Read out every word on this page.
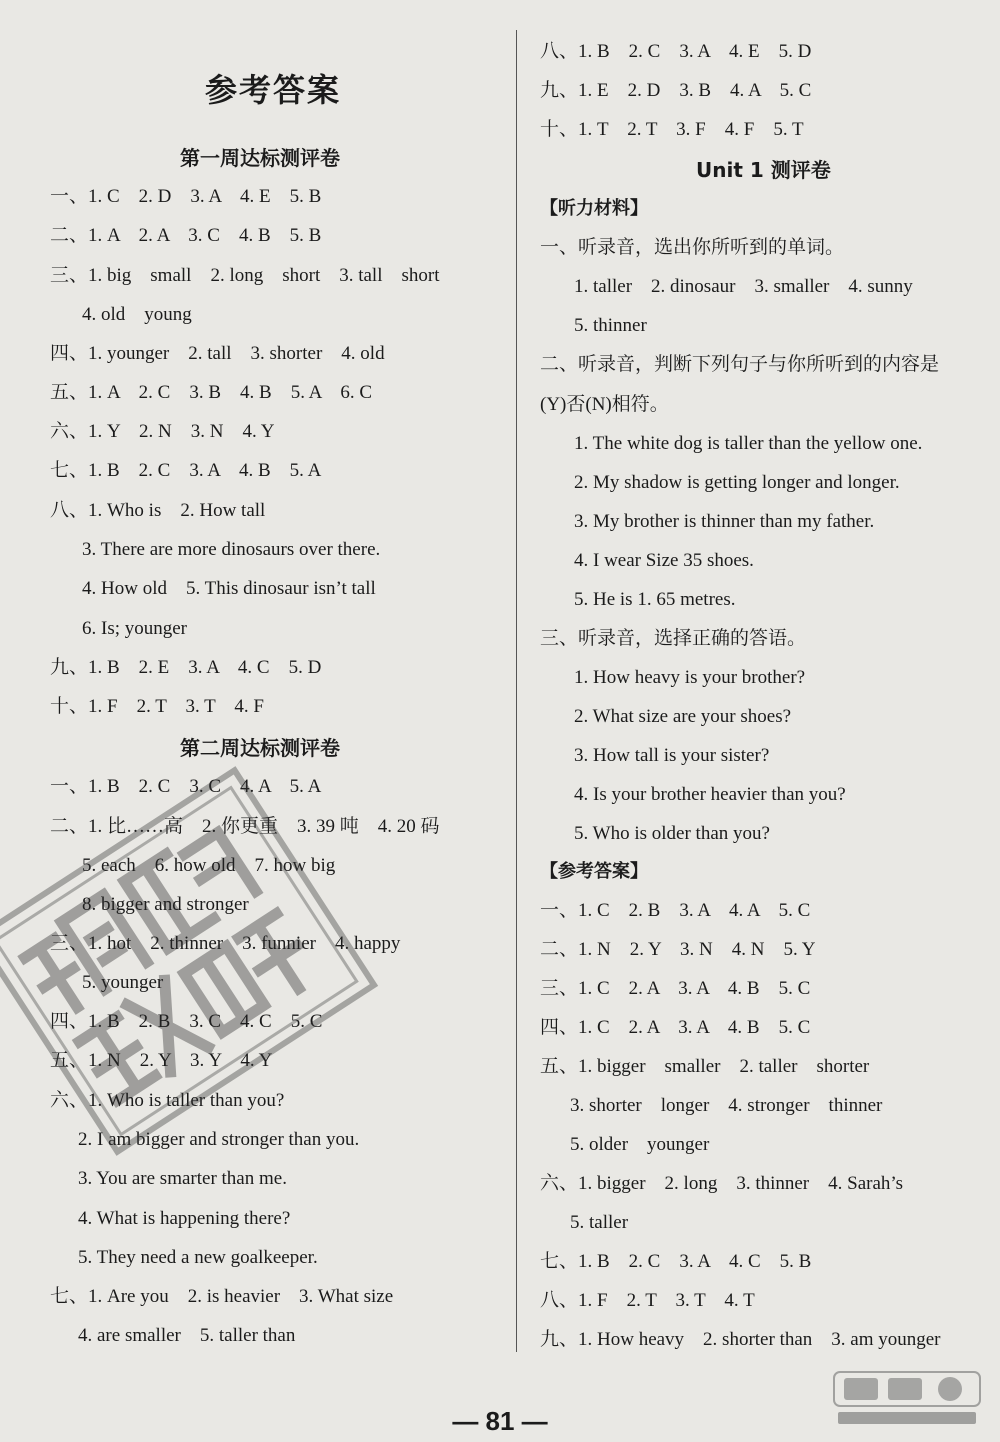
参考答案
第一周达标测评卷
一、1. C　2. D　3. A　4. E　5. B
二、1. A　2. A　3. C　4. B　5. B
三、1. big　small　2. long　short　3. tall　short
4. old　young
四、1. younger　2. tall　3. shorter　4. old
五、1. A　2. C　3. B　4. B　5. A　6. C
六、1. Y　2. N　3. N　4. Y
七、1. B　2. C　3. A　4. B　5. A
八、1. Who is　2. How tall
3. There are more dinosaurs over there.
4. How old　5. This dinosaur isn’t tall
6. Is; younger
九、1. B　2. E　3. A　4. C　5. D
十、1. F　2. T　3. T　4. F
第二周达标测评卷
一、1. B　2. C　3. C　4. A　5. A
二、1. 比……高　2. 你更重　3. 39 吨　4. 20 码
5. each　6. how old　7. how big
8. bigger and stronger
三、1. hot　2. thinner　3. funnier　4. happy
5. younger
四、1. B　2. B　3. C　4. C　5. C
五、1. N　2. Y　3. Y　4. Y
六、1. Who is taller than you?
2. I am bigger and stronger than you.
3. You are smarter than me.
4. What is happening there?
5. They need a new goalkeeper.
七、1. Are you　2. is heavier　3. What size
4. are smaller　5. taller than
八、1. B　2. C　3. A　4. E　5. D
九、1. E　2. D　3. B　4. A　5. C
十、1. T　2. T　3. F　4. F　5. T
Unit 1 测评卷
【听力材料】
一、听录音，选出你所听到的单词。
1. taller　2. dinosaur　3. smaller　4. sunny
5. thinner
二、听录音，判断下列句子与你所听到的内容是
(Y)否(N)相符。
1. The white dog is taller than the yellow one.
2. My shadow is getting longer and longer.
3. My brother is thinner than my father.
4. I wear Size 35 shoes.
5. He is 1. 65 metres.
三、听录音，选择正确的答语。
1. How heavy is your brother?
2. What size are your shoes?
3. How tall is your sister?
4. Is your brother heavier than you?
5. Who is older than you?
【参考答案】
一、1. C　2. B　3. A　4. A　5. C
二、1. N　2. Y　3. N　4. N　5. Y
三、1. C　2. A　3. A　4. B　5. C
四、1. C　2. A　3. A　4. B　5. C
五、1. bigger　smaller　2. taller　shorter
3. shorter　longer　4. stronger　thinner
5. older　younger
六、1. bigger　2. long　3. thinner　4. Sarah’s
5. taller
七、1. B　2. C　3. A　4. C　5. B
八、1. F　2. T　3. T　4. T
九、1. How heavy　2. shorter than　3. am younger
— 81 —
